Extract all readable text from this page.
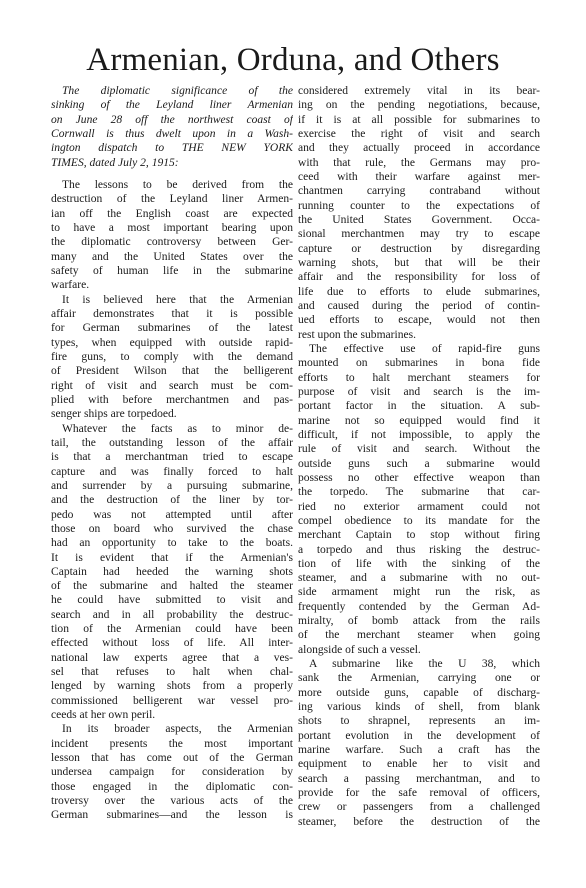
Armenian, Orduna, and Others
The diplomatic significance of the
sinking of the Leyland liner Armenian
on June 28 off the northwest coast of
Cornwall is thus dwelt upon in a Wash-
ington dispatch to THE NEW YORK
TIMES, dated July 2, 1915:
The lessons to be derived from the
destruction of the Leyland liner Armen-
ian off the English coast are expected
to have a most important bearing upon
the diplomatic controversy between Ger-
many and the United States over the
safety of human life in the submarine
warfare.
It is believed here that the Armenian
affair demonstrates that it is possible
for German submarines of the latest
types, when equipped with outside rapid-
fire guns, to comply with the demand
of President Wilson that the belligerent
right of visit and search must be com-
plied with before merchantmen and pas-
senger ships are torpedoed.
Whatever the facts as to minor de-
tail, the outstanding lesson of the affair
is that a merchantman tried to escape
capture and was finally forced to halt
and surrender by a pursuing submarine,
and the destruction of the liner by tor-
pedo was not attempted until after
those on board who survived the chase
had an opportunity to take to the boats.
It is evident that if the Armenian's
Captain had heeded the warning shots
of the submarine and halted the steamer
he could have submitted to visit and
search and in all probability the destruc-
tion of the Armenian could have been
effected without loss of life. All inter-
national law experts agree that a ves-
sel that refuses to halt when chal-
lenged by warning shots from a properly
commissioned belligerent war vessel pro-
ceeds at her own peril.
In its broader aspects, the Armenian
incident presents the most important
lesson that has come out of the German
undersea campaign for consideration by
those engaged in the diplomatic con-
troversy over the various acts of the
German submarines—and the lesson is
considered extremely vital in its bear-
ing on the pending negotiations, because,
if it is at all possible for submarines to
exercise the right of visit and search
and they actually proceed in accordance
with that rule, the Germans may pro-
ceed with their warfare against mer-
chantmen carrying contraband without
running counter to the expectations of
the United States Government. Occa-
sional merchantmen may try to escape
capture or destruction by disregarding
warning shots, but that will be their
affair and the responsibility for loss of
life due to efforts to elude submarines,
and caused during the period of contin-
ued efforts to escape, would not then
rest upon the submarines.
The effective use of rapid-fire guns
mounted on submarines in bona fide
efforts to halt merchant steamers for
purpose of visit and search is the im-
portant factor in the situation. A sub-
marine not so equipped would find it
difficult, if not impossible, to apply the
rule of visit and search. Without the
outside guns such a submarine would
possess no other effective weapon than
the torpedo. The submarine that car-
ried no exterior armament could not
compel obedience to its mandate for the
merchant Captain to stop without firing
a torpedo and thus risking the destruc-
tion of life with the sinking of the
steamer, and a submarine with no out-
side armament might run the risk, as
frequently contended by the German Ad-
miralty, of bomb attack from the rails
of the merchant steamer when going
alongside of such a vessel.
A submarine like the U 38, which
sank the Armenian, carrying one or
more outside guns, capable of discharg-
ing various kinds of shell, from blank
shots to shrapnel, represents an im-
portant evolution in the development of
marine warfare. Such a craft has the
equipment to enable her to visit and
search a passing merchantman, and to
provide for the safe removal of officers,
crew or passengers from a challenged
steamer, before the destruction of the
